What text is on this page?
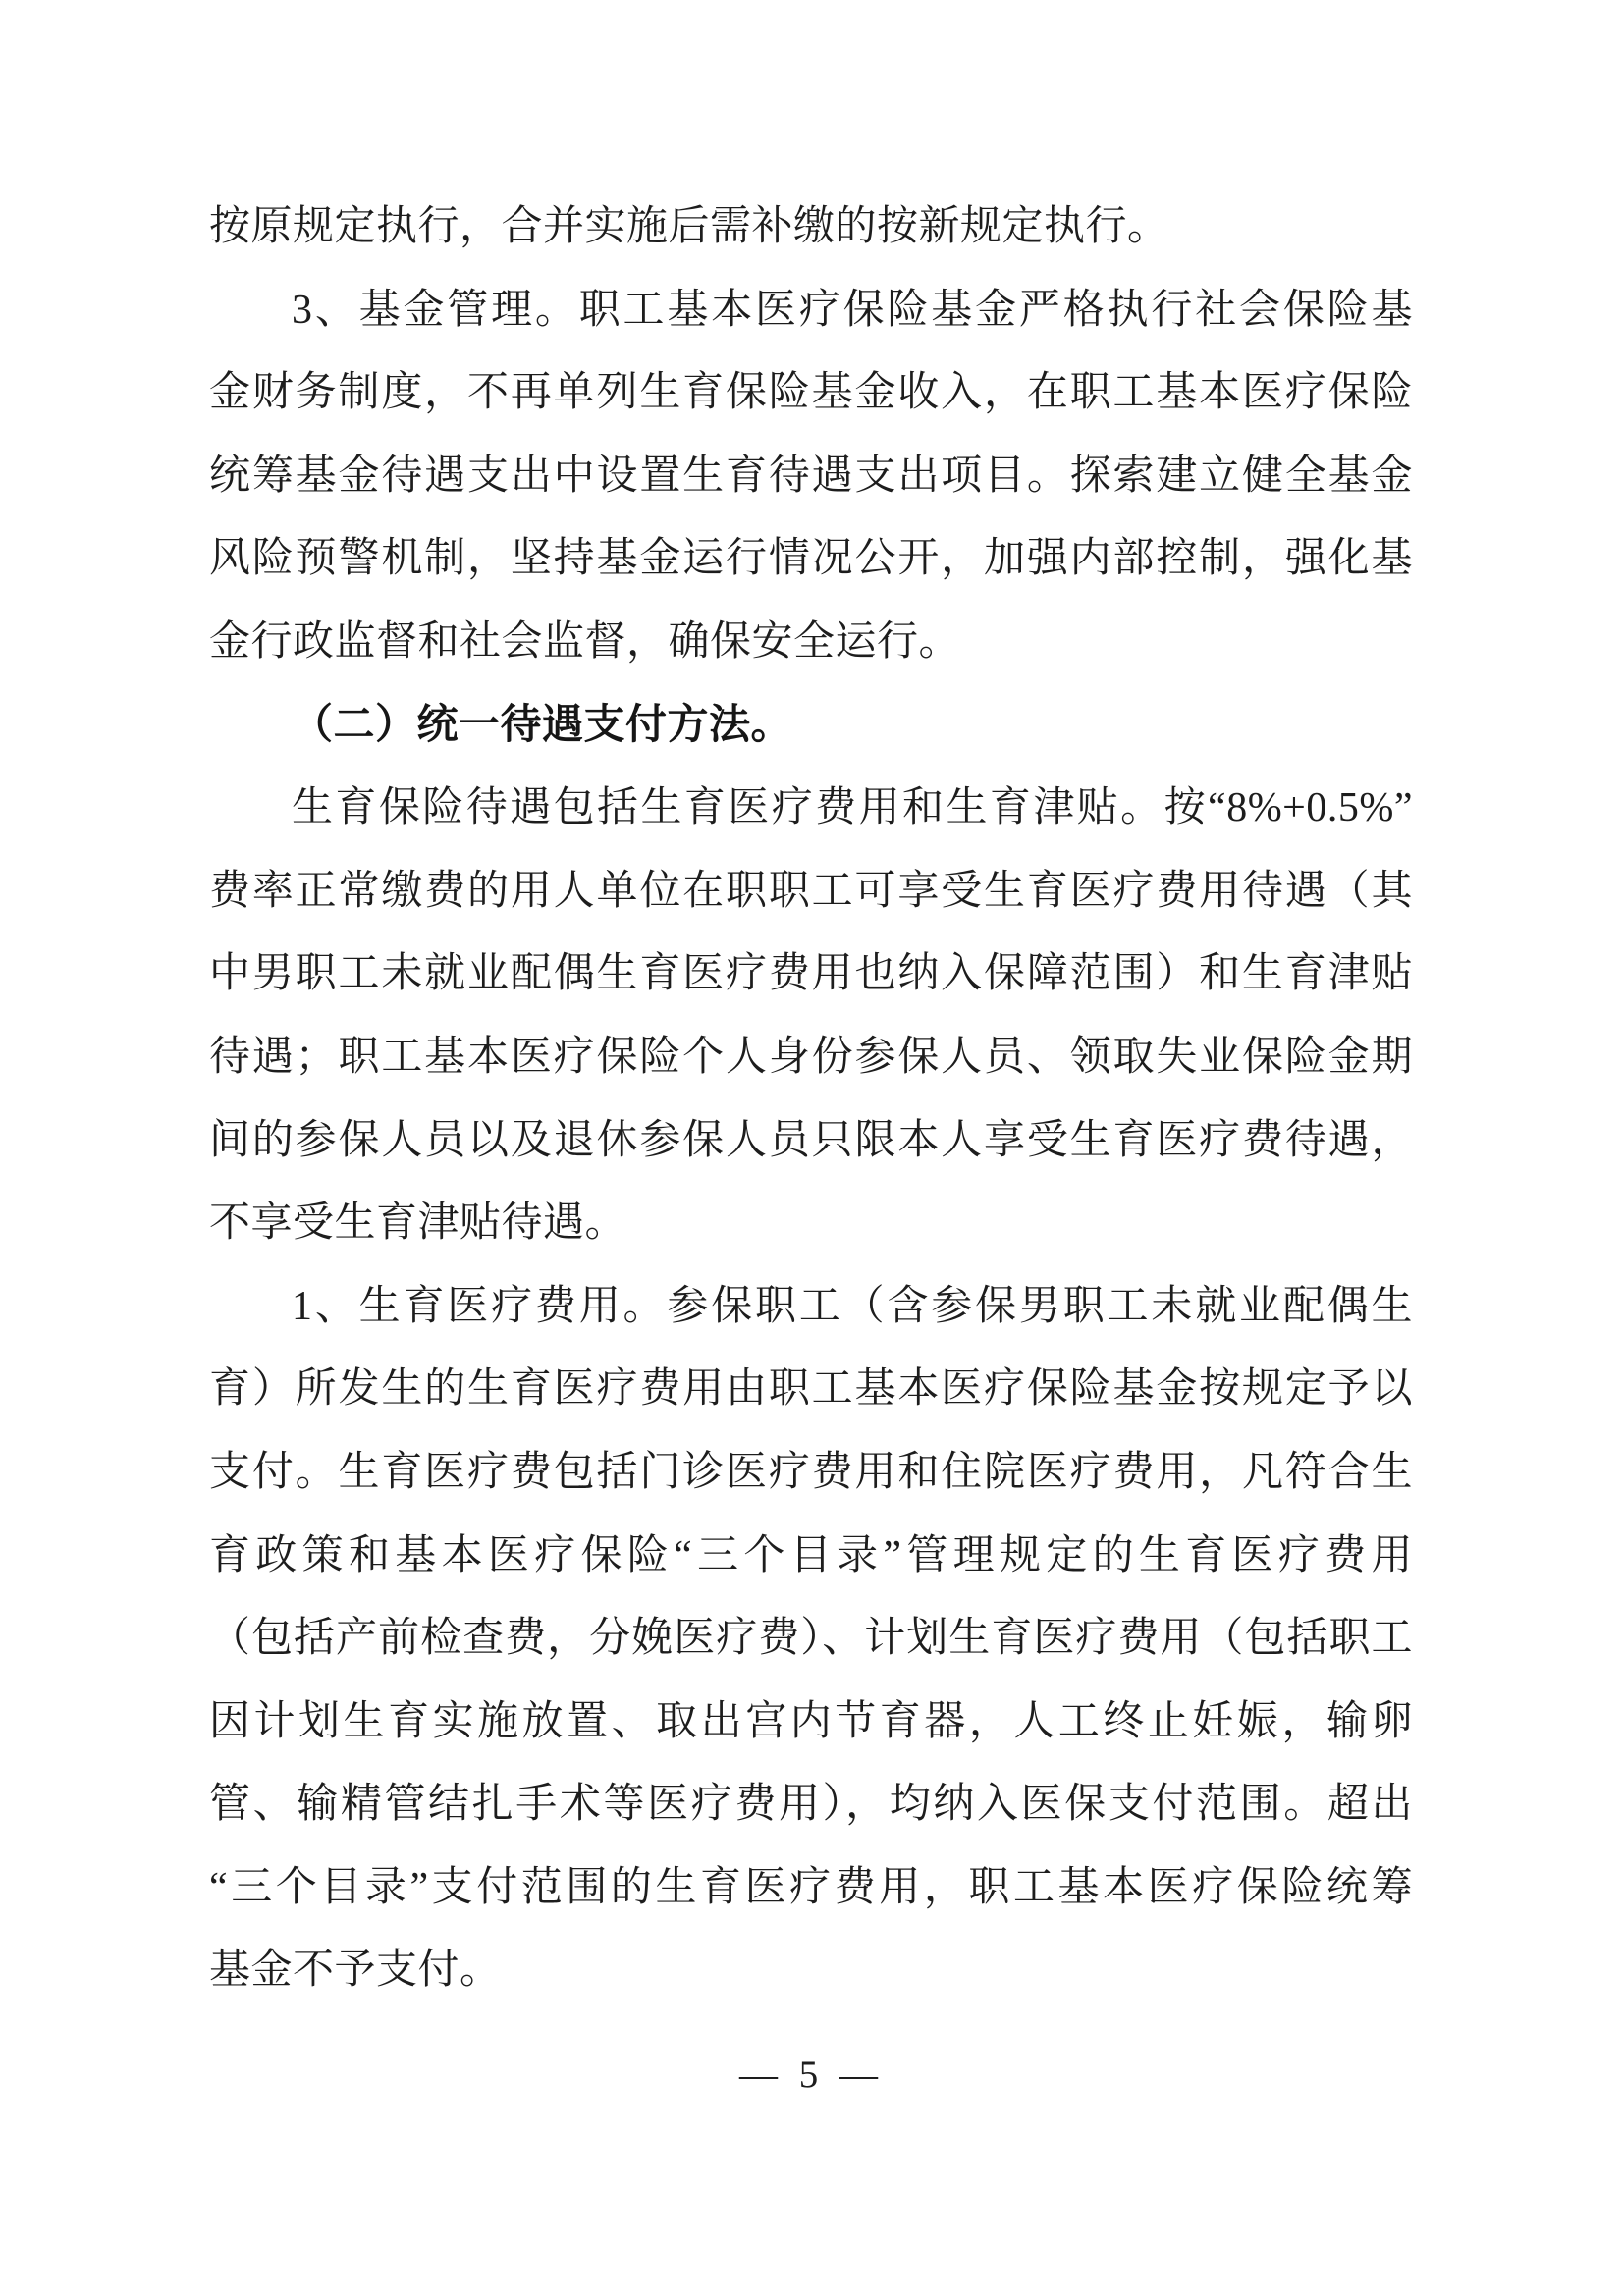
按原规定执行，合并实施后需补缴的按新规定执行。
3、基金管理。职工基本医疗保险基金严格执行社会保险基
金财务制度，不再单列生育保险基金收入，在职工基本医疗保险
统筹基金待遇支出中设置生育待遇支出项目。探索建立健全基金
风险预警机制，坚持基金运行情况公开，加强内部控制，强化基
金行政监督和社会监督，确保安全运行。
（二）统一待遇支付方法。
生育保险待遇包括生育医疗费用和生育津贴。按“8%+0.5%”
费率正常缴费的用人单位在职职工可享受生育医疗费用待遇（其
中男职工未就业配偶生育医疗费用也纳入保障范围）和生育津贴
待遇；职工基本医疗保险个人身份参保人员、领取失业保险金期
间的参保人员以及退休参保人员只限本人享受生育医疗费待遇，
不享受生育津贴待遇。
1、生育医疗费用。参保职工（含参保男职工未就业配偶生
育）所发生的生育医疗费用由职工基本医疗保险基金按规定予以
支付。生育医疗费包括门诊医疗费用和住院医疗费用，凡符合生
育政策和基本医疗保险“三个目录”管理规定的生育医疗费用
（包括产前检查费，分娩医疗费）、计划生育医疗费用（包括职工
因计划生育实施放置、取出宫内节育器，人工终止妊娠，输卵
管、输精管结扎手术等医疗费用），均纳入医保支付范围。超出
“三个目录”支付范围的生育医疗费用，职工基本医疗保险统筹
基金不予支付。
— 5 —
